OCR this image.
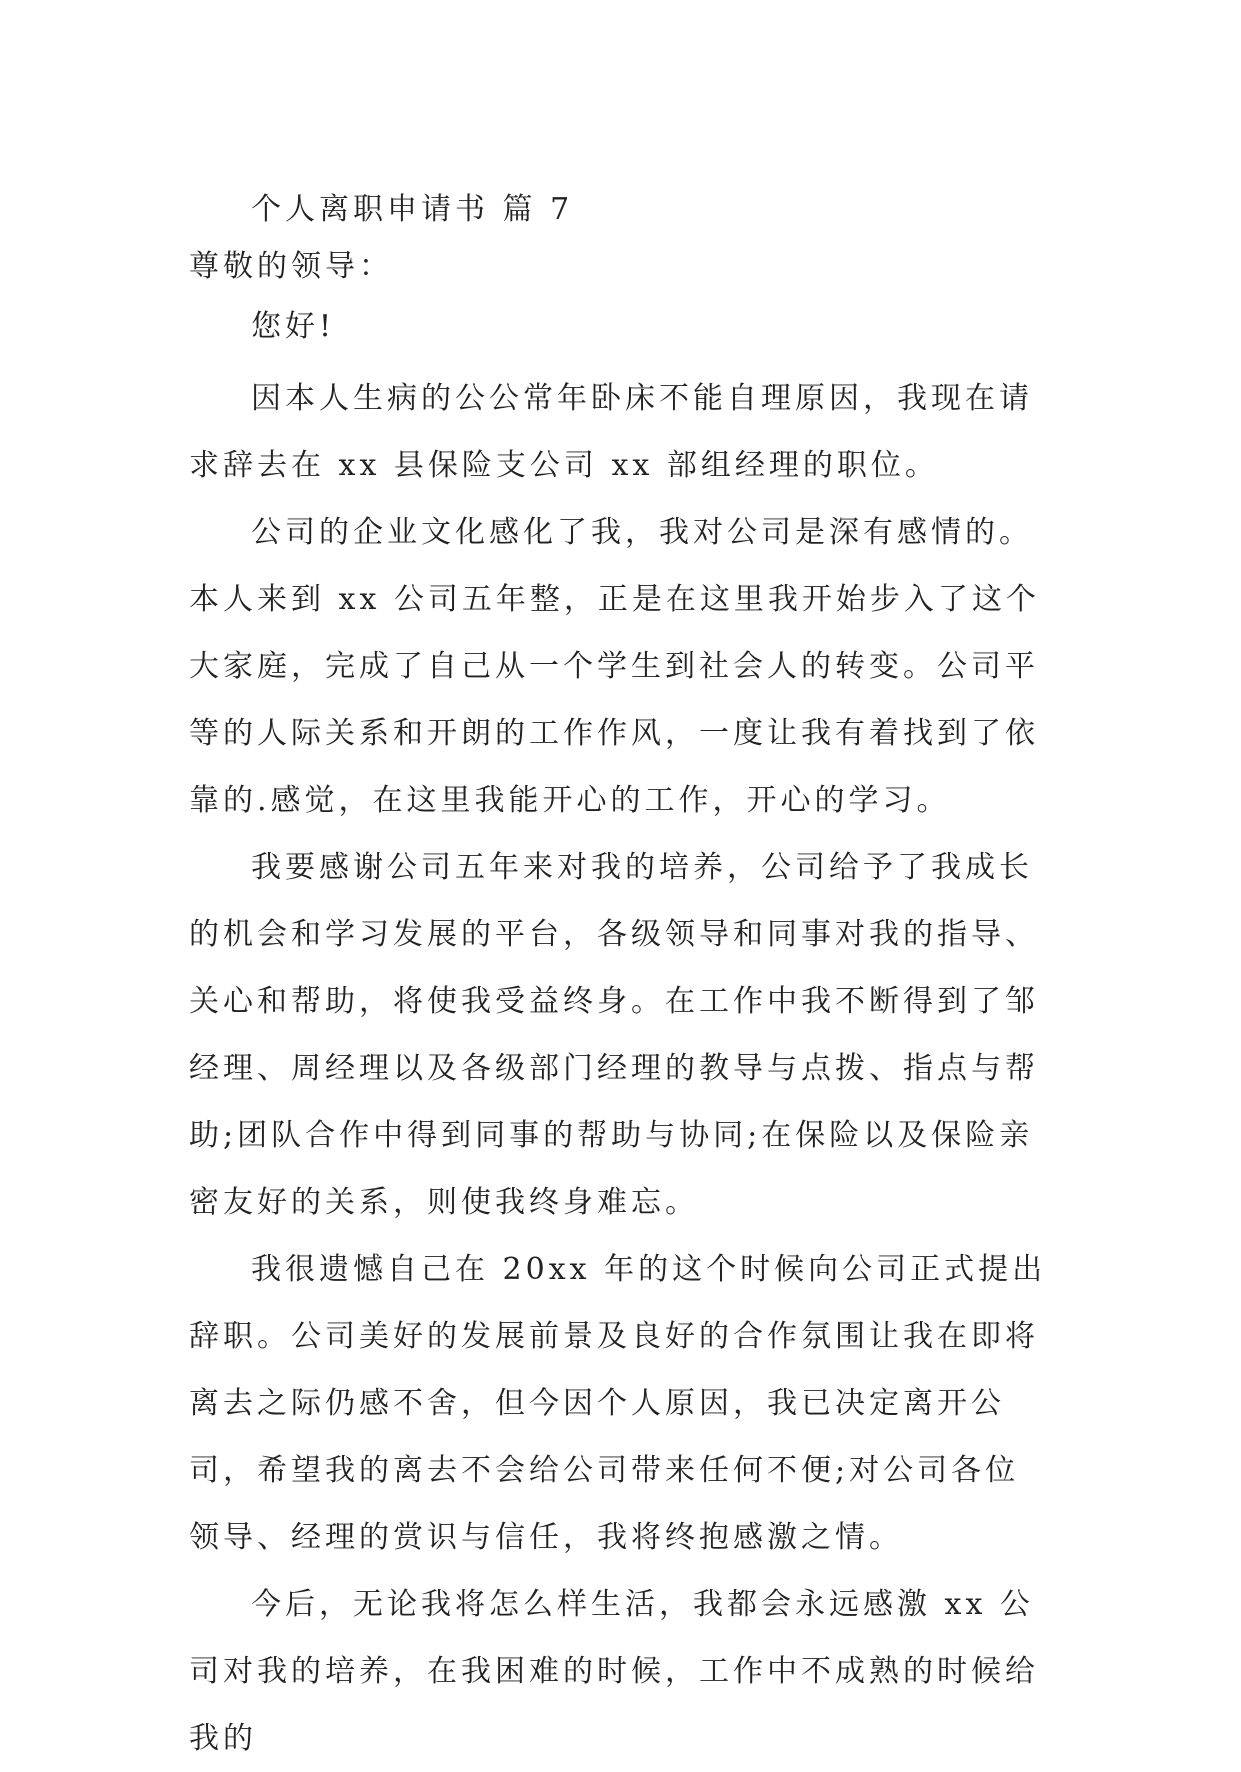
个人离职申请书 篇 7

尊敬的领导：

您好!

因本人生病的公公常年卧床不能自理原因，我现在请求辞去在 xx 县保险支公司 xx 部组经理的职位。

公司的企业文化感化了我，我对公司是深有感情的。本人来到 xx 公司五年整，正是在这里我开始步入了这个大家庭，完成了自己从一个学生到社会人的转变。公司平等的人际关系和开朗的工作作风，一度让我有着找到了依靠的.感觉，在这里我能开心的工作，开心的学习。

我要感谢公司五年来对我的培养，公司给予了我成长的机会和学习发展的平台，各级领导和同事对我的指导、关心和帮助，将使我受益终身。在工作中我不断得到了邹经理、周经理以及各级部门经理的教导与点拨、指点与帮助;团队合作中得到同事的帮助与协同;在保险以及保险亲密友好的关系，则使我终身难忘。

我很遗憾自己在 20xx 年的这个时候向公司正式提出辞职。公司美好的发展前景及良好的合作氛围让我在即将离去之际仍感不舍，但今因个人原因，我已决定离开公司，希望我的离去不会给公司带来任何不便;对公司各位领导、经理的赏识与信任，我将终抱感激之情。

今后，无论我将怎么样生活，我都会永远感激 xx 公司对我的培养，在我困难的时候，工作中不成熟的时候给我的
